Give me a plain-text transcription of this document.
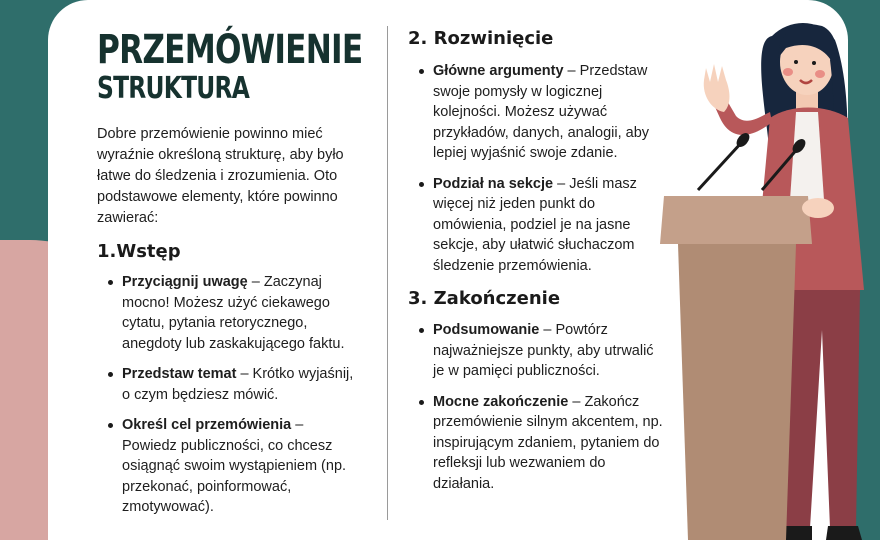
PRZEMÓWIENIE
STRUKTURA

Dobre przemówienie powinno mieć wyraźnie określoną strukturę, aby było łatwe do śledzenia i zrozumienia. Oto podstawowe elementy, które powinno zawierać:

1.Wstęp
Przyciągnij uwagę – Zaczynaj mocno! Możesz użyć ciekawego cytatu, pytania retorycznego, anegdoty lub zaskakującego faktu.
Przedstaw temat – Krótko wyjaśnij, o czym będziesz mówić.
Określ cel przemówienia – Powiedz publiczności, co chcesz osiągnąć swoim wystąpieniem (np. przekonać, poinformować, zmotywować).
2. Rozwinięcie
Główne argumenty – Przedstaw swoje pomysły w logicznej kolejności. Możesz używać przykładów, danych, analogii, aby lepiej wyjaśnić swoje zdanie.
Podział na sekcje – Jeśli masz więcej niż jeden punkt do omówienia, podziel je na jasne sekcje, aby ułatwić słuchaczom śledzenie przemówienia.
3. Zakończenie
Podsumowanie – Powtórz najważniejsze punkty, aby utrwalić je w pamięci publiczności.
Mocne zakończenie – Zakończ przemówienie silnym akcentem, np. inspirującym zdaniem, pytaniem do refleksji lub wezwaniem do działania.
